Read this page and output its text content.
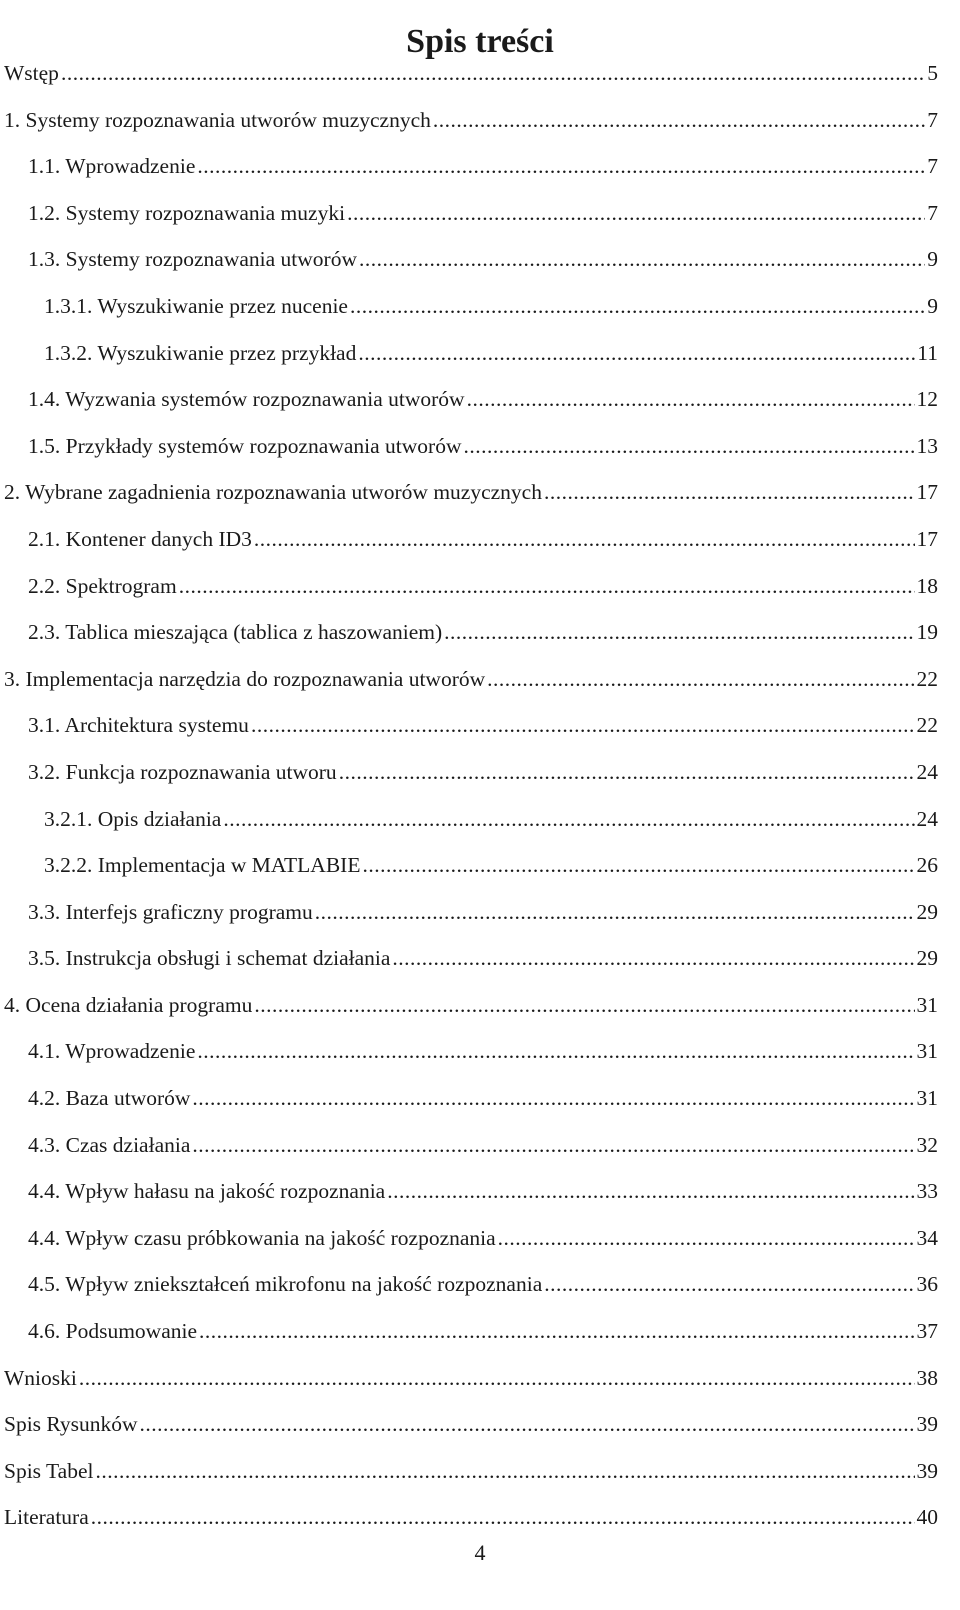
Spis treści
Wstęp .....	5
1. Systemy rozpoznawania utworów muzycznych .....	7
1.1. Wprowadzenie .....	7
1.2. Systemy rozpoznawania muzyki .....	7
1.3. Systemy rozpoznawania utworów .....	9
1.3.1. Wyszukiwanie przez nucenie .....	9
1.3.2. Wyszukiwanie przez przykład .....	11
1.4. Wyzwania systemów rozpoznawania utworów .....	12
1.5. Przykłady systemów rozpoznawania utworów .....	13
2. Wybrane zagadnienia rozpoznawania utworów muzycznych .....	17
2.1. Kontener danych ID3 .....	17
2.2. Spektrogram .....	18
2.3. Tablica mieszająca (tablica z haszowaniem) .....	19
3. Implementacja narzędzia do rozpoznawania utworów .....	22
3.1. Architektura systemu .....	22
3.2. Funkcja rozpoznawania utworu .....	24
3.2.1. Opis działania .....	24
3.2.2. Implementacja w MATLABIE .....	26
3.3. Interfejs graficzny programu .....	29
3.5. Instrukcja obsługi i schemat działania .....	29
4. Ocena działania programu .....	31
4.1. Wprowadzenie .....	31
4.2. Baza utworów .....	31
4.3. Czas działania .....	32
4.4. Wpływ hałasu na jakość rozpoznania .....	33
4.4. Wpływ czasu próbkowania na jakość rozpoznania .....	34
4.5. Wpływ zniekształceń mikrofonu na jakość rozpoznania .....	36
4.6. Podsumowanie .....	37
Wnioski .....	38
Spis Rysunków .....	39
Spis Tabel .....	39
Literatura .....	40
4
